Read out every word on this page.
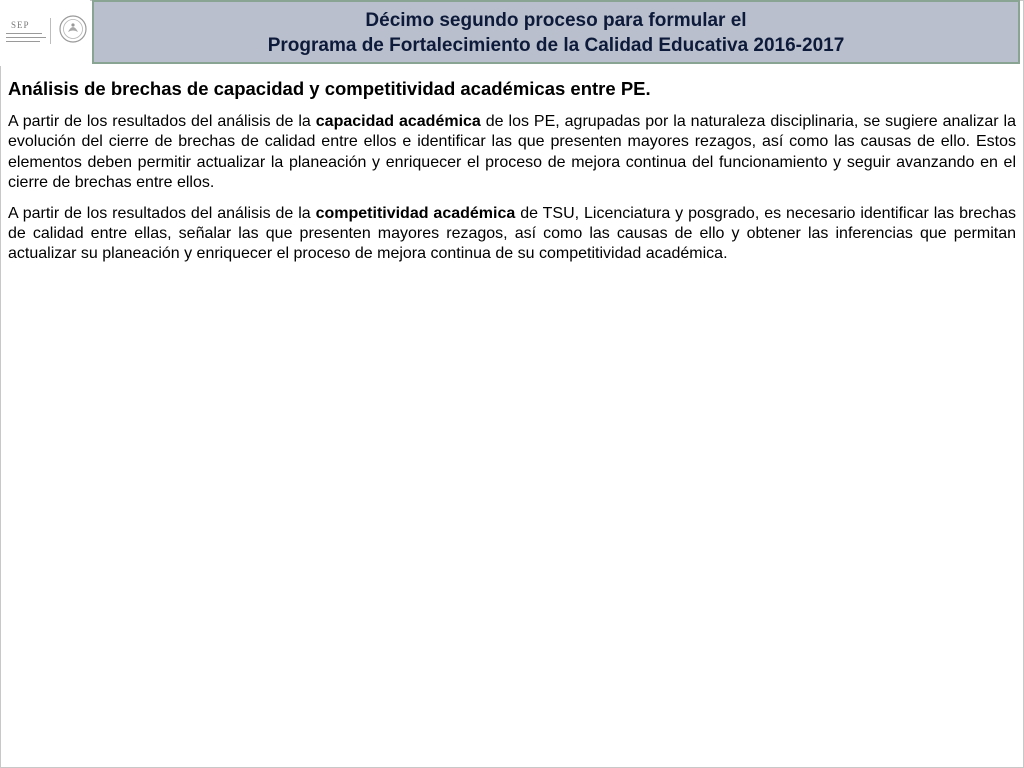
SEP	Décimo segundo proceso para formular el
Programa de Fortalecimiento de la Calidad Educativa 2016-2017
Análisis de brechas de capacidad y competitividad académicas entre PE.

A partir de los resultados del análisis de la capacidad académica de los PE, agrupadas por la naturaleza disciplinaria, se sugiere analizar la evolución del cierre de brechas de calidad entre ellos e identificar las que presenten mayores rezagos, así como las causas de ello. Estos elementos deben permitir actualizar la planeación y enriquecer el proceso de mejora continua del funcionamiento y seguir avanzando en el cierre de brechas entre ellos.

A partir de los resultados del análisis de la competitividad académica de TSU, Licenciatura y posgrado, es necesario identificar las brechas de calidad entre ellas, señalar las que presenten mayores rezagos, así como las causas de ello y obtener las inferencias que permitan actualizar su planeación y enriquecer el proceso de mejora continua de su competitividad académica.
